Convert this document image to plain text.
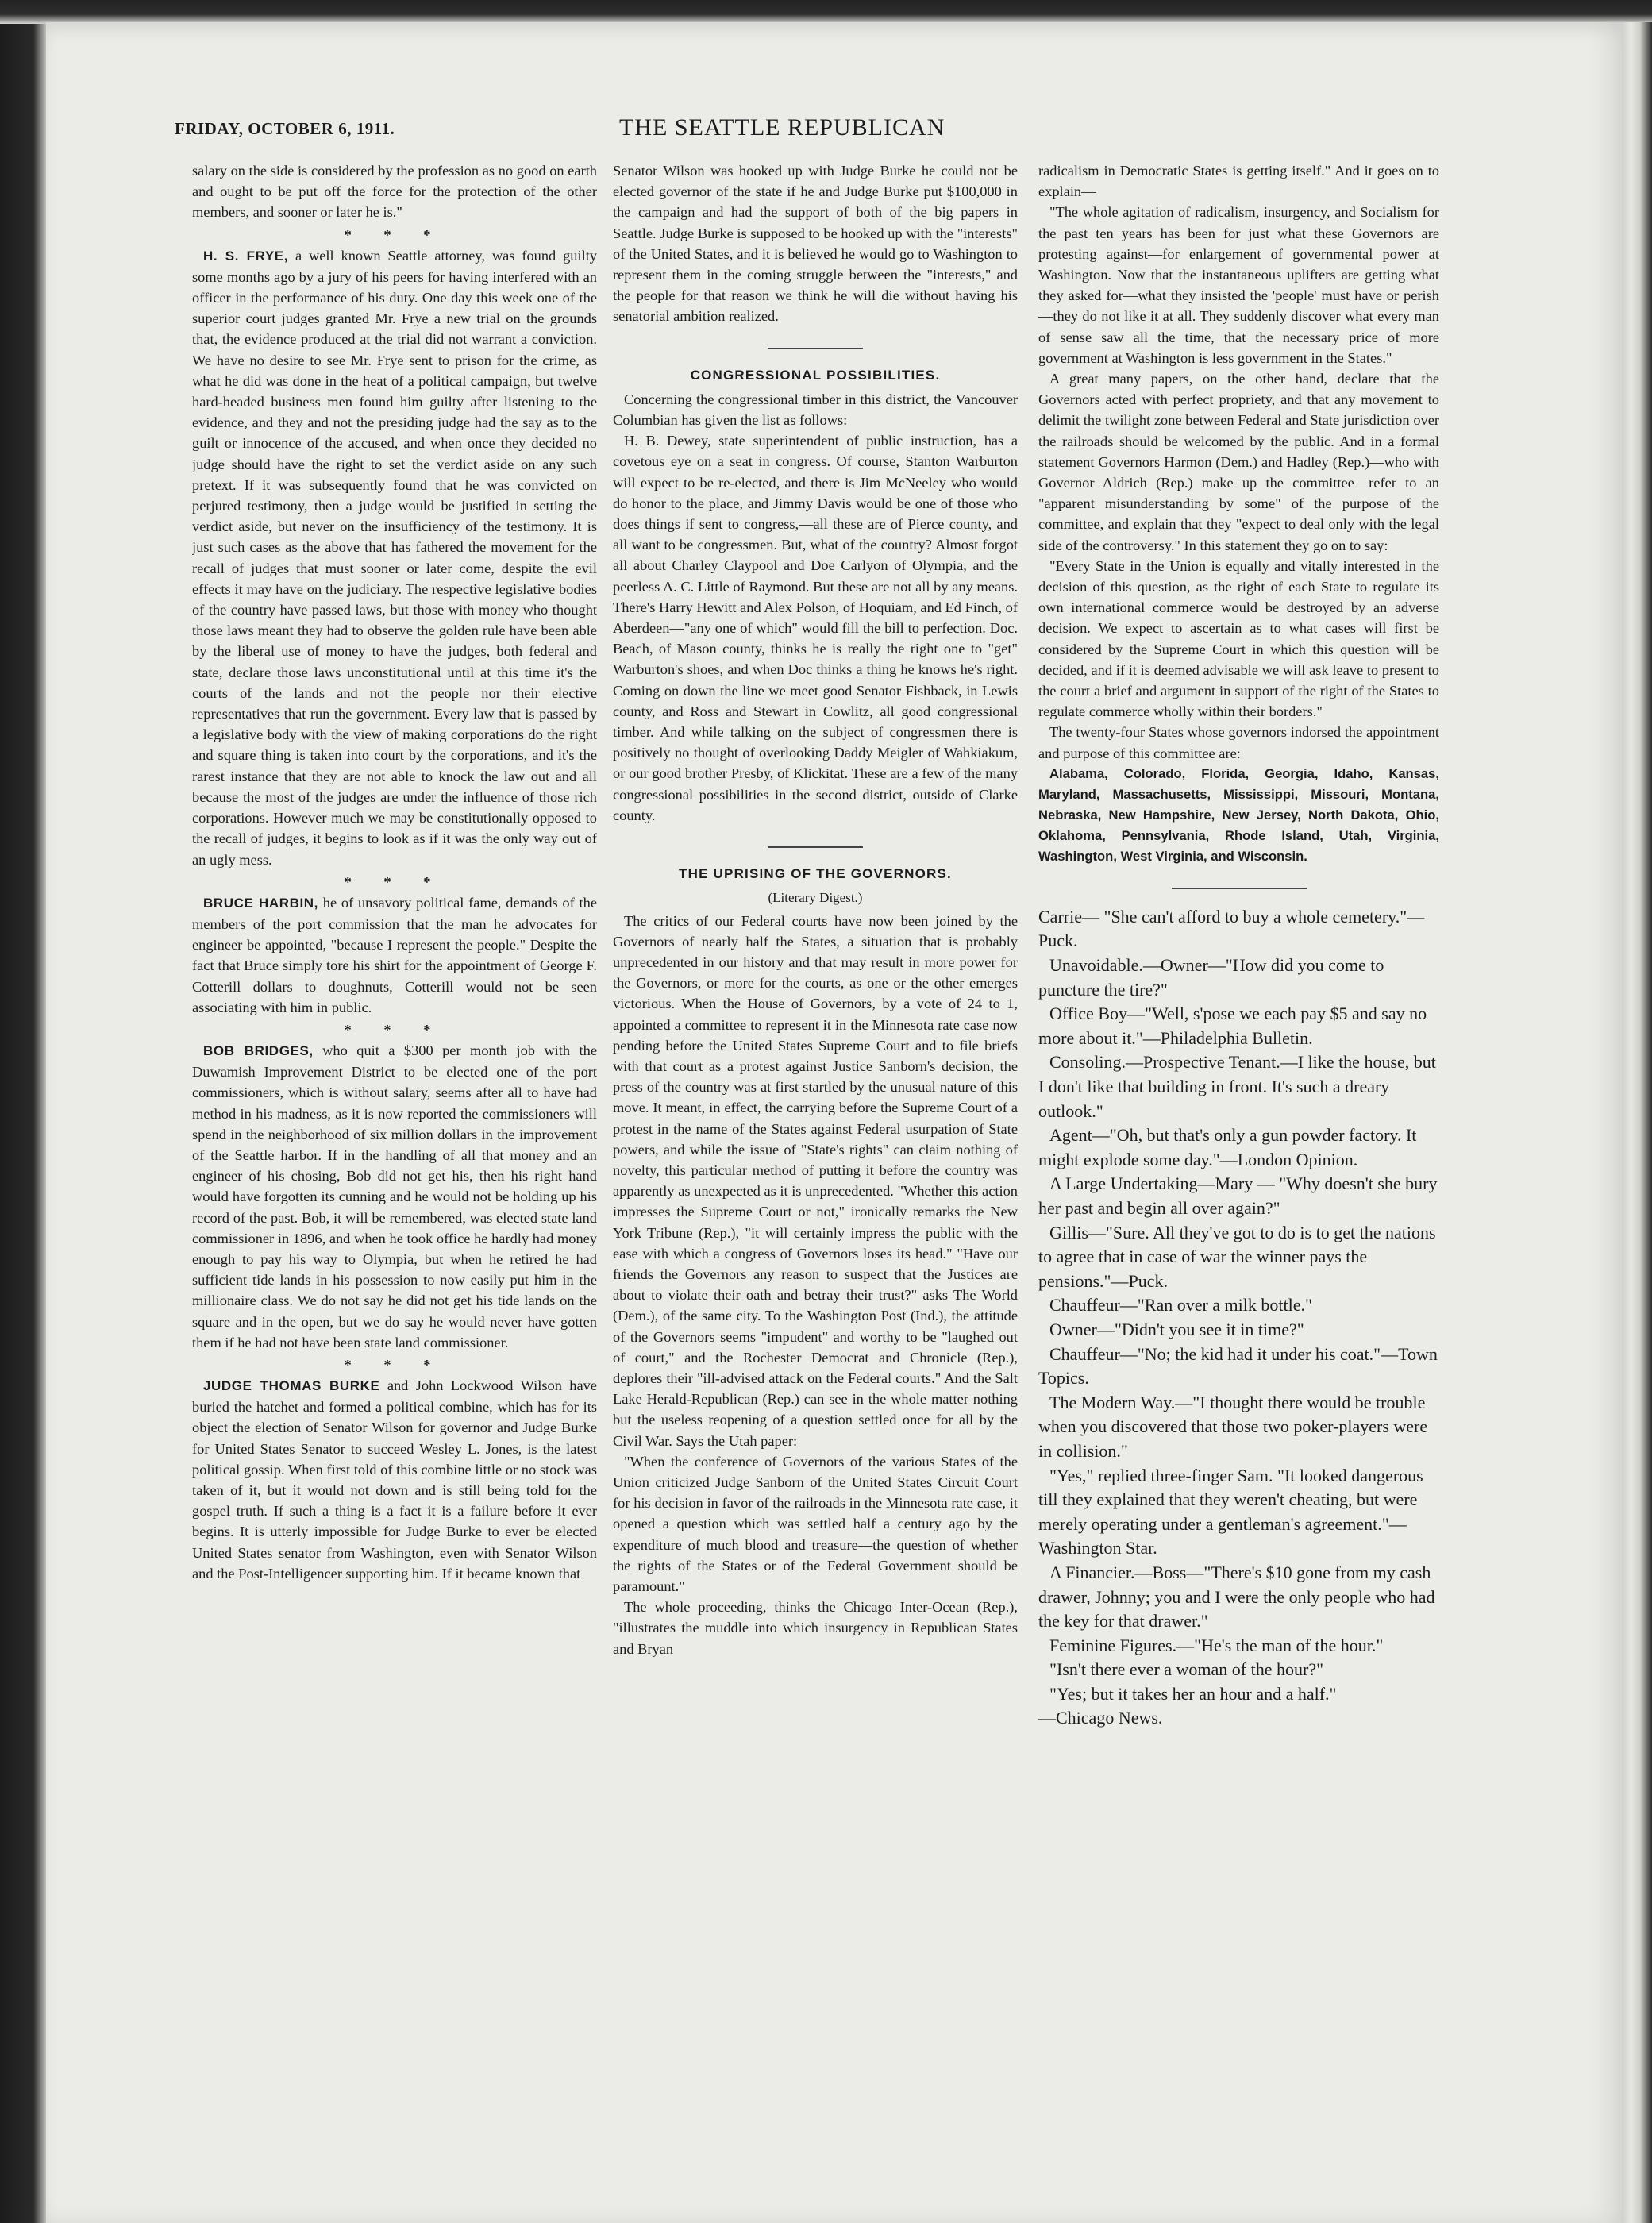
FRIDAY, OCTOBER 6, 1911.	THE SEATTLE REPUBLICAN

salary on the side is considered by the profession as no good on earth and ought to be put off the force for the protection of the other members, and sooner or later he is."

* * *

H. S. FRYE, a well known Seattle attorney, was found guilty some months ago by a jury of his peers for having interfered with an officer in the performance of his duty. One day this week one of the superior court judges granted Mr. Frye a new trial on the grounds that, the evidence produced at the trial did not warrant a conviction. We have no desire to see Mr. Frye sent to prison for the crime, as what he did was done in the heat of a political campaign, but twelve hard-headed business men found him guilty after listening to the evidence, and they and not the presiding judge had the say as to the guilt or innocence of the accused, and when once they decided no judge should have the right to set the verdict aside on any such pretext. If it was subsequently found that he was convicted on perjured testimony, then a judge would be justified in setting the verdict aside, but never on the insufficiency of the testimony. It is just such cases as the above that has fathered the movement for the recall of judges that must sooner or later come, despite the evil effects it may have on the judiciary. The respective legislative bodies of the country have passed laws, but those with money who thought those laws meant they had to observe the golden rule have been able by the liberal use of money to have the judges, both federal and state, declare those laws unconstitutional until at this time it's the courts of the lands and not the people nor their elective representatives that run the government. Every law that is passed by a legislative body with the view of making corporations do the right and square thing is taken into court by the corporations, and it's the rarest instance that they are not able to knock the law out and all because the most of the judges are under the influence of those rich corporations. However much we may be constitutionally opposed to the recall of judges, it begins to look as if it was the only way out of an ugly mess.

* * *

BRUCE HARBIN, he of unsavory political fame, demands of the members of the port commission that the man he advocates for engineer be appointed, "because I represent the people." Despite the fact that Bruce simply tore his shirt for the appointment of George F. Cotterill dollars to doughnuts, Cotterill would not be seen associating with him in public.

* * *

BOB BRIDGES, who quit a $300 per month job with the Duwamish Improvement District to be elected one of the port commissioners, which is without salary, seems after all to have had method in his madness, as it is now reported the commissioners will spend in the neighborhood of six million dollars in the improvement of the Seattle harbor. If in the handling of all that money and an engineer of his chosing, Bob did not get his, then his right hand would have forgotten its cunning and he would not be holding up his record of the past. Bob, it will be remembered, was elected state land commissioner in 1896, and when he took office he hardly had money enough to pay his way to Olympia, but when he retired he had sufficient tide lands in his possession to now easily put him in the millionaire class. We do not say he did not get his tide lands on the square and in the open, but we do say he would never have gotten them if he had not have been state land commissioner.

* * *

JUDGE THOMAS BURKE and John Lockwood Wilson have buried the hatchet and formed a political combine, which has for its object the election of Senator Wilson for governor and Judge Burke for United States Senator to succeed Wesley L. Jones, is the latest political gossip. When first told of this combine little or no stock was taken of it, but it would not down and is still being told for the gospel truth. If such a thing is a fact it is a failure before it ever begins. It is utterly impossible for Judge Burke to ever be elected United States senator from Washington, even with Senator Wilson and the Post-Intelligencer supporting him. If it became known that

Senator Wilson was hooked up with Judge Burke he could not be elected governor of the state if he and Judge Burke put $100,000 in the campaign and had the support of both of the big papers in Seattle. Judge Burke is supposed to be hooked up with the "interests" of the United States, and it is believed he would go to Washington to represent them in the coming struggle between the "interests," and the people for that reason we think he will die without having his senatorial ambition realized.

CONGRESSIONAL POSSIBILITIES.

Concerning the congressional timber in this district, the Vancouver Columbian has given the list as follows:

H. B. Dewey, state superintendent of public instruction, has a covetous eye on a seat in congress. Of course, Stanton Warburton will expect to be re-elected, and there is Jim McNeeley who would do honor to the place, and Jimmy Davis would be one of those who does things if sent to congress,—all these are of Pierce county, and all want to be congressmen. But, what of the country? Almost forgot all about Charley Claypool and Doe Carlyon of Olympia, and the peerless A. C. Little of Raymond. But these are not all by any means. There's Harry Hewitt and Alex Polson, of Hoquiam, and Ed Finch, of Aberdeen—"any one of which" would fill the bill to perfection. Doc. Beach, of Mason county, thinks he is really the right one to "get" Warburton's shoes, and when Doc thinks a thing he knows he's right. Coming on down the line we meet good Senator Fishback, in Lewis county, and Ross and Stewart in Cowlitz, all good congressional timber. And while talking on the subject of congressmen there is positively no thought of overlooking Daddy Meigler of Wahkiakum, or our good brother Presby, of Klickitat. These are a few of the many congressional possibilities in the second district, outside of Clarke county.

THE UPRISING OF THE GOVERNORS.
(Literary Digest.)

The critics of our Federal courts have now been joined by the Governors of nearly half the States, a situation that is probably unprecedented in our history and that may result in more power for the Governors, or more for the courts, as one or the other emerges victorious. When the House of Governors, by a vote of 24 to 1, appointed a committee to represent it in the Minnesota rate case now pending before the United States Supreme Court and to file briefs with that court as a protest against Justice Sanborn's decision, the press of the country was at first startled by the unusual nature of this move. It meant, in effect, the carrying before the Supreme Court of a protest in the name of the States against Federal usurpation of State powers, and while the issue of "State's rights" can claim nothing of novelty, this particular method of putting it before the country was apparently as unexpected as it is unprecedented. "Whether this action impresses the Supreme Court or not," ironically remarks the New York Tribune (Rep.), "it will certainly impress the public with the ease with which a congress of Governors loses its head." "Have our friends the Governors any reason to suspect that the Justices are about to violate their oath and betray their trust?" asks The World (Dem.), of the same city. To the Washington Post (Ind.), the attitude of the Governors seems "impudent" and worthy to be "laughed out of court," and the Rochester Democrat and Chronicle (Rep.), deplores their "ill-advised attack on the Federal courts." And the Salt Lake Herald-Republican (Rep.) can see in the whole matter nothing but the useless reopening of a question settled once for all by the Civil War. Says the Utah paper:

"When the conference of Governors of the various States of the Union criticized Judge Sanborn of the United States Circuit Court for his decision in favor of the railroads in the Minnesota rate case, it opened a question which was settled half a century ago by the expenditure of much blood and treasure—the question of whether the rights of the States or of the Federal Government should be paramount."

The whole proceeding, thinks the Chicago Inter-Ocean (Rep.), "illustrates the muddle into which insurgency in Republican States and Bryan

radicalism in Democratic States is getting itself." And it goes on to explain—

"The whole agitation of radicalism, insurgency, and Socialism for the past ten years has been for just what these Governors are protesting against—for enlargement of governmental power at Washington. Now that the instantaneous uplifters are getting what they asked for—what they insisted the 'people' must have or perish—they do not like it at all. They suddenly discover what every man of sense saw all the time, that the necessary price of more government at Washington is less government in the States."

A great many papers, on the other hand, declare that the Governors acted with perfect propriety, and that any movement to delimit the twilight zone between Federal and State jurisdiction over the railroads should be welcomed by the public. And in a formal statement Governors Harmon (Dem.) and Hadley (Rep.)—who with Governor Aldrich (Rep.) make up the committee—refer to an "apparent misunderstanding by some" of the purpose of the committee, and explain that they "expect to deal only with the legal side of the controversy." In this statement they go on to say:

"Every State in the Union is equally and vitally interested in the decision of this question, as the right of each State to regulate its own international commerce would be destroyed by an adverse decision. We expect to ascertain as to what cases will first be considered by the Supreme Court in which this question will be decided, and if it is deemed advisable we will ask leave to present to the court a brief and argument in support of the right of the States to regulate commerce wholly within their borders."

The twenty-four States whose governors indorsed the appointment and purpose of this committee are:

Alabama, Colorado, Florida, Georgia, Idaho, Kansas, Maryland, Massachusetts, Mississippi, Missouri, Montana, Nebraska, New Hampshire, New Jersey, North Dakota, Ohio, Oklahoma, Pennsylvania, Rhode Island, Utah, Virginia, Washington, West Virginia, and Wisconsin.

Carrie— "She can't afford to buy a whole cemetery."—Puck.

Unavoidable.—Owner—"How did you come to puncture the tire?"

Office Boy—"Well, s'pose we each pay $5 and say no more about it."—Philadelphia Bulletin.

Consoling.—Prospective Tenant.—I like the house, but I don't like that building in front. It's such a dreary outlook."

Agent—"Oh, but that's only a gun powder factory. It might explode some day."—London Opinion.

A Large Undertaking—Mary — "Why doesn't she bury her past and begin all over again?"

Gillis—"Sure. All they've got to do is to get the nations to agree that in case of war the winner pays the pensions."—Puck.

Chauffeur—"Ran over a milk bottle."

Owner—"Didn't you see it in time?"

Chauffeur—"No; the kid had it under his coat."—Town Topics.

The Modern Way.—"I thought there would be trouble when you discovered that those two poker-players were in collision."

"Yes," replied three-finger Sam. "It looked dangerous till they explained that they weren't cheating, but were merely operating under a gentleman's agreement."—Washington Star.

A Financier.—Boss—"There's $10 gone from my cash drawer, Johnny; you and I were the only people who had the key for that drawer."

Feminine Figures.—"He's the man of the hour."

"Isn't there ever a woman of the hour?"

"Yes; but it takes her an hour and a half."

—Chicago News.
